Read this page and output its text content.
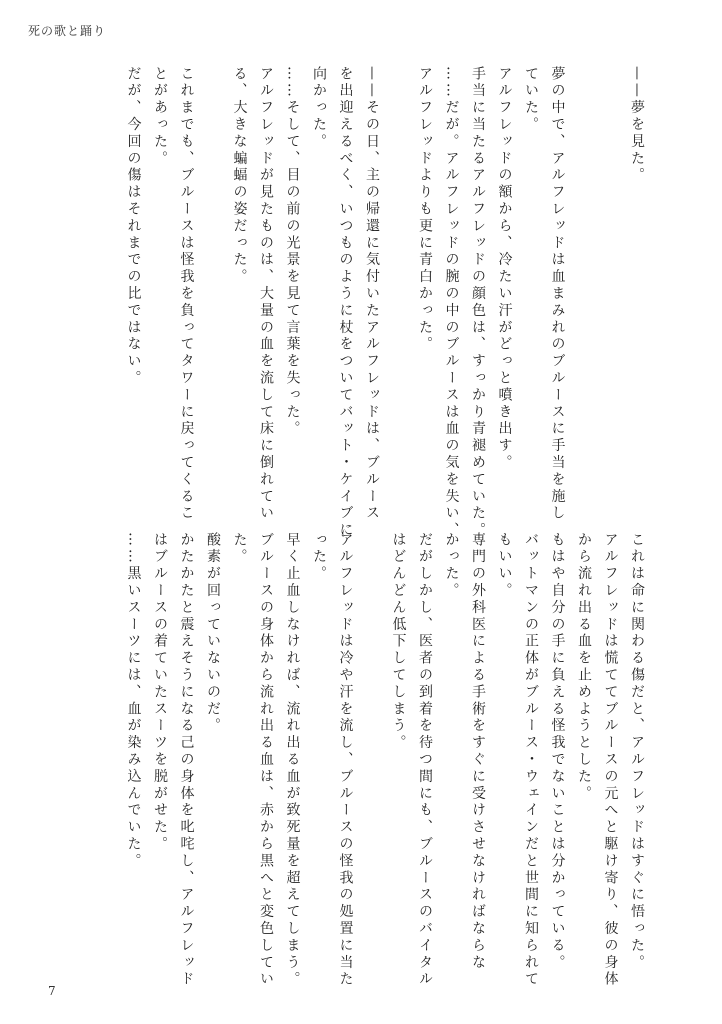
死の歌と踊り
——夢を見た。
夢の中で、アルフレッドは血まみれのブルースに手当を施し
ていた。
アルフレッドの額から、冷たい汗がどっと噴き出す。
手当に当たるアルフレッドの顔色は、すっかり青褪めていた。
……だが。アルフレッドの腕の中のブルースは血の気を失い、
アルフレッドよりも更に青白かった。
——その日、主の帰還に気付いたアルフレッドは、ブルース
を出迎えるべく、いつものように杖をついてバット・ケイブに
向かった。
……そして、目の前の光景を見て言葉を失った。
アルフレッドが見たものは、大量の血を流して床に倒れてい
る、大きな蝙蝠の姿だった。
これまでも、ブルースは怪我を負ってタワーに戻ってくるこ
とがあった。
だが、今回の傷はそれまでの比ではない。
これは命に関わる傷だと、アルフレッドはすぐに悟った。
アルフレッドは慌ててブルースの元へと駆け寄り、彼の身体
から流れ出る血を止めようとした。
もはや自分の手に負える怪我でないことは分かっている。
バットマンの正体がブルース・ウェインだと世間に知られて
もいい。
専門の外科医による手術をすぐに受けさせなければならな
かった。
だがしかし、医者の到着を待つ間にも、ブルースのバイタル
はどんどん低下してしまう。
アルフレッドは冷や汗を流し、ブルースの怪我の処置に当た
った。
早く止血しなければ、流れ出る血が致死量を超えてしまう。
ブルースの身体から流れ出る血は、赤から黒へと変色してい
た。
酸素が回っていないのだ。
かたかたと震えそうになる己の身体を叱咤し、アルフレッド
はブルースの着ていたスーツを脱がせた。
……黒いスーツには、血が染み込んでいた。
7
